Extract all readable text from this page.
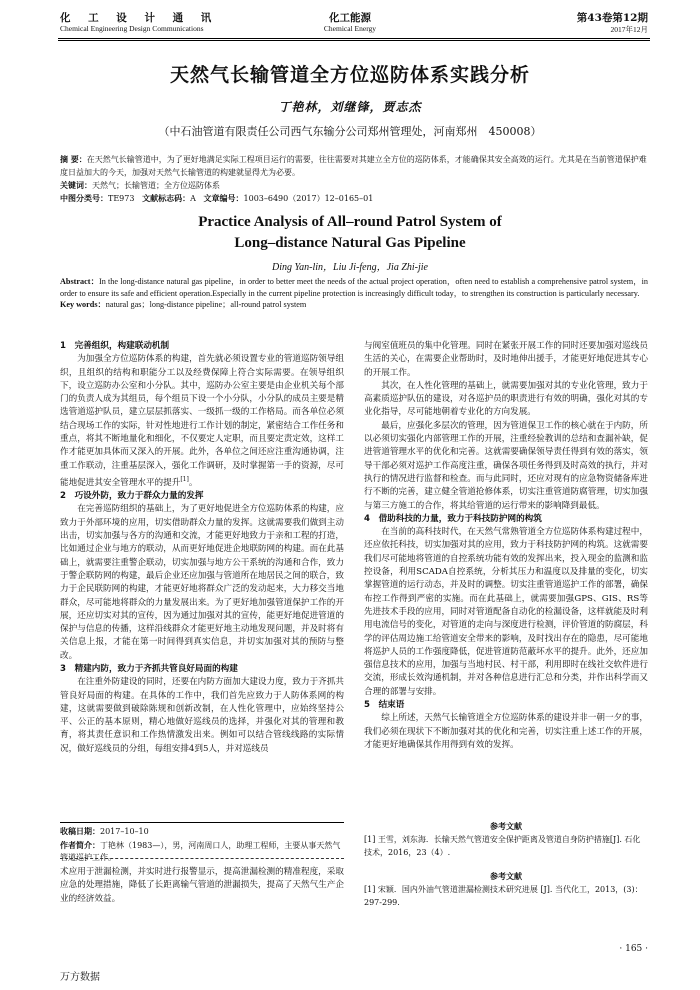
化 工 设 计 通 讯
Chemical Engineering Design Communications
化工能源
Chemical Energy
第43卷第12期
2017年12月
天然气长输管道全方位巡防体系实践分析
丁艳林，刘继锋，贾志杰
（中石油管道有限责任公司西气东输分公司郑州管理处，河南郑州　450008）
摘 要：在天然气长输管道中，为了更好地满足实际工程项目运行的需要，往往需要对其建立全方位的巡防体系，才能确保其安全高效的运行。尤其是在当前管道保护难度日益加大的今天，加强对天然气长输管道的构建就显得尤为必要。
关键词：天然气；长输管道；全方位巡防体系
中图分类号：TE973 文献标志码：A 文章编号：1003–6490（2017）12–0165–01
Practice Analysis of All–round Patrol System of
Long–distance Natural Gas Pipeline
Ding Yan-lin，Liu Ji-feng，Jia Zhi-jie
Abstract：In the long-distance natural gas pipeline，in order to better meet the needs of the actual project operation，often need to establish a comprehensive patrol system，in order to ensure its safe and efficient operation.Especially in the current pipeline protection is increasingly difficult today，to strengthen its construction is particularly necessary.
Key words：natural gas；long-distance pipeline；all-round patrol system
1　完善组织，构建联动机制

为加强全方位巡防体系的构建，首先就必须设置专业的管道巡防领导组织，且组织的结构和职能分工以及经费保障上符合实际需要。在领导组织下，设立巡防办公室和小分队。其中，巡防办公室主要是由企业机关每个部门的负责人成为其组员，每个组员下设一个小分队，小分队的成员主要是精选管道巡护队员，建立层层抓落实、一级抓一级的工作格局。而各单位必须结合现场工作的实际，针对性地进行工作计划的制定，紧密结合工作任务和重点，将其不断地量化和细化，不仅要定人定职，而且要定责定效，这样工作才能更加具体而又深入的开展。此外，各单位之间还应注重沟通协调，注重工作联动，注重基层深入，强化工作调研，及时掌握第一手的资源，尽可能地促进其安全管理水平的提升[1]。

2　巧设外防，致力于群众力量的发挥

在完善巡防组织的基础上，为了更好地促进全方位巡防体系的构建，应致力于外部环境的应用，切实借助群众力量的发挥。这就需要我们做到主动出击，切实加强与各方的沟通和交流，才能更好地致力于亲和工程的打造，比如通过企业与地方的联动，从而更好地促进企地联防网的构建。而在此基础上，就需要注重警企联动，切实加强与地方公干系统的沟通和合作，致力于警企联防网的构建，最后企业还应加强与管道所在地居民之间的联合，致力于企民联防网的构建，才能更好地将群众广泛的发动起来，大力移交当地群众，尽可能地将群众的力量发展出来。为了更好地加强管道保护工作的开展，还应切实对其的宣传，因为通过加强对其的宣传，能更好地促进管道的保护与信息的传播，这样沿线群众才能更好地主动地发现问题，并及时将有关信息上报，才能在第一时间得到真实信息，并切实加强对其的预防与整改。

3　精建内防，致力于齐抓共管良好局面的构建

在注重外防建设的同时，还要在内防方面加大建设力度，致力于齐抓共管良好局面的构建。在具体的工作中，我们首先应致力于人防体系网的构建，这就需要做到破除陈规和创新改制，在人性化管理中，应始终坚持公平、公正的基本原则，精心地做好巡线员的选择，并强化对其的管理和教育，将其责任意识和工作热情激发出来。例如可以结合管线线路的实际情况，做好巡线员的分组，每组安排4到5人，并对巡线员

收稿日期：2017–10–10
作者简介：丁艳林（1983—），男，河南周口人，助理工程师，主要从事天然气管道巡护工作。
术应用于泄漏检测，并实时进行报警显示，提高泄漏检测的精准程度，采取应急的处理措施，降低了长距离输气管道的泄漏损失，提高了天然气生产企业的经济效益。

与阀室值班员的集中化管理。同时在紧张开展工作的同时还要加强对巡线员生活的关心，在需要企业帮助时，及时地伸出援手，才能更好地促进其专心的开展工作。

其次，在人性化管理的基础上，就需要加强对其的专业化管理，致力于高素质巡护队伍的建设，对各巡护员的职责进行有效的明确，强化对其的专业化指导，尽可能地朝着专业化的方向发展。

最后，应强化多层次的管理，因为管道保卫工作的核心就在于内防，所以必须切实强化内部管理工作的开展，注重经验教训的总结和查漏补缺，促进管道管理水平的优化和完善。这就需要确保领导责任得到有效的落实，领导干部必须对巡护工作高度注重，确保各项任务得到及时高效的执行，并对执行的情况进行监督和检查。而与此同时，还应对现有的应急物资储备库进行不断的完善，建立健全管道抢修体系，切实注重管道防腐管理，切实加强与第三方施工的合作，将其给管道的运行带来的影响降到最低。

4　借助科技的力量，致力于科技防护网的构筑

在当前的高科技时代，在天然气常熟管道全方位巡防体系构建过程中，还应依托科技，切实加强对其的应用，致力于科技防护网的构筑。这就需要我们尽可能地将管道的自控系统功能有效的发挥出来，投入现金的监测和监控设备，利用SCADA自控系统，分析其压力和温度以及排量的变化，切实掌握管道的运行动态，并及时的调整。切实注重管道巡护工作的部署，确保布控工作得到严密的实施。而在此基础上，就需要加强GPS、GIS、RS等先进技术手段的应用，同时对管道配备自动化的检漏设备，这样就能及时利用电流信号的变化，对管道的走向与深度进行检测，评价管道的防腐层，科学的评估周边施工给管道安全带来的影响，及时找出存在的隐患，尽可能地将巡护人员的工作强度降低，促进管道防范蔽坏水平的提升。此外，还应加强信息技术的应用，加强与当地村民、村干部，利用即时在线社交软件进行交流，形成长效沟通机制，并对各种信息进行汇总和分类，并作出科学而又合理的部署与安排。

5　结束语

综上所述，天然气长输管道全方位巡防体系的建设并非一朝一夕的事，我们必须在现状下不断加强对其的优化和完善，切实注重上述工作的开展，才能更好地确保其作用得到有效的发挥。

参考文献
[1] 王雪，刘东海．长输天然气管道安全保护距离及管道自身防护措施[J]. 石化技术，2016，23（4）.
参考文献
[1] 宋颖．国内外油气管道泄漏检测技术研究进展 [J]. 当代化工，2013，(3)：297-299.
· 165 ·
万方数据
